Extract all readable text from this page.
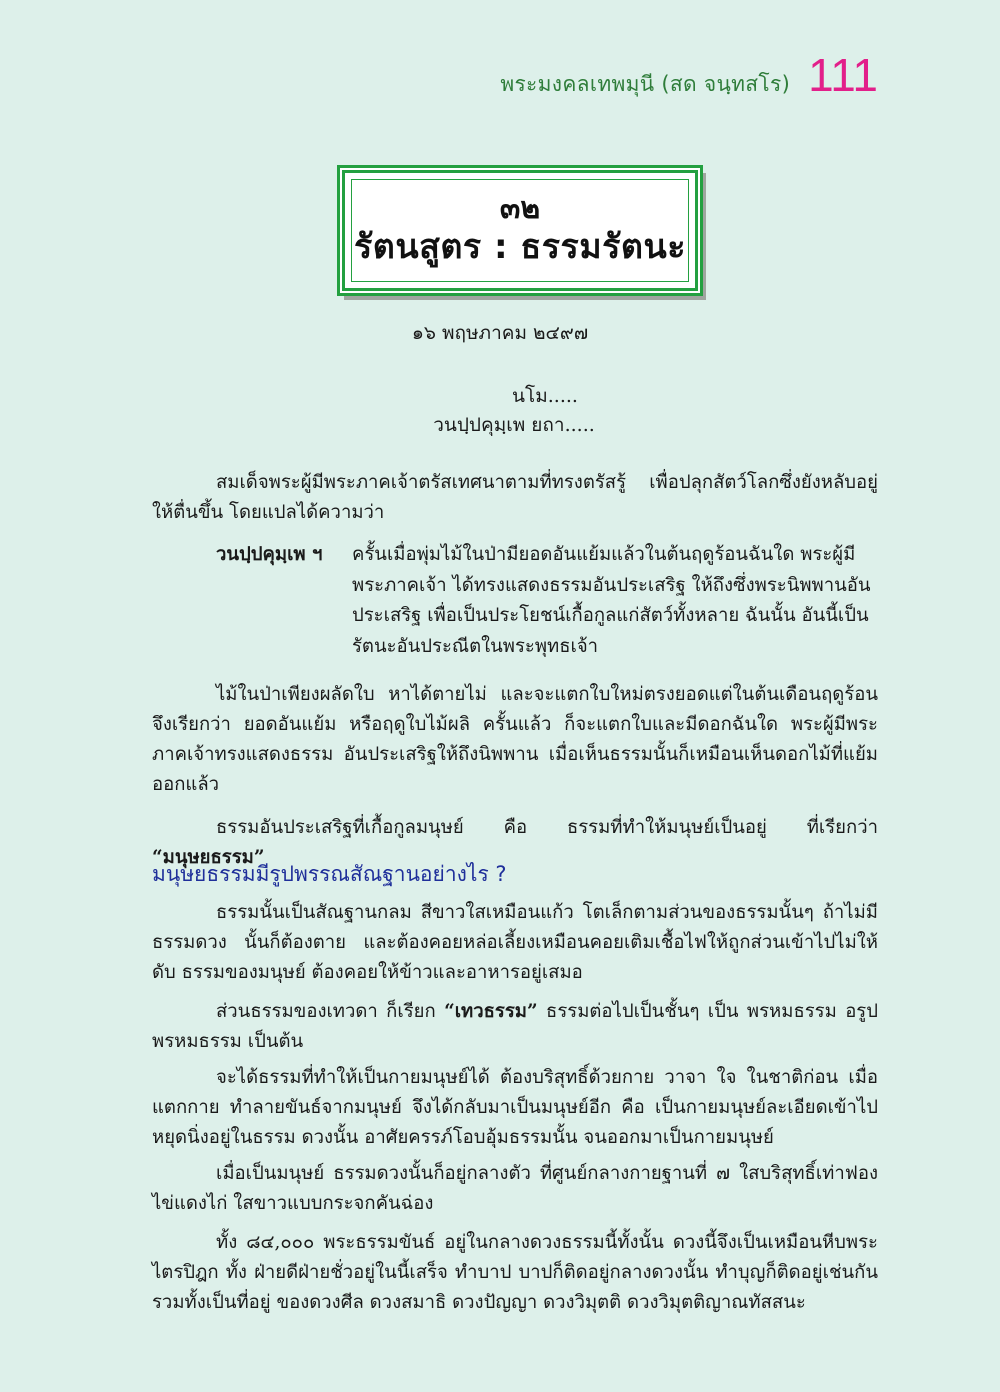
พระมงคลเทพมุนี (สด จนฺทสโร) 111
๓๒
รัตนสูตร : ธรรมรัตนะ
๑๖ พฤษภาคม ๒๔๙๗
นโม.....
วนปฺปคุมฺเพ ยถา.....

สมเด็จพระผู้มีพระภาคเจ้าตรัสเทศนาตามที่ทรงตรัสรู้ เพื่อปลุกสัตว์โลกซึ่งยังหลับอยู่ให้ตื่นขึ้น โดยแปลได้ความว่า

วนปฺปคุมฺเพ ฯ	ครั้นเมื่อพุ่มไม้ในป่ามียอดอันแย้มแล้วในต้นฤดูร้อนฉันใด พระผู้มีพระภาคเจ้า ได้ทรงแสดงธรรมอันประเสริฐ ให้ถึงซึ่งพระนิพพานอันประเสริฐ เพื่อเป็นประโยชน์เกื้อกูลแก่สัตว์ทั้งหลาย ฉันนั้น อันนี้เป็นรัตนะอันประณีตในพระพุทธเจ้า

ไม้ในป่าเพียงผลัดใบ หาได้ตายไม่ และจะแตกใบใหม่ตรงยอดแต่ในต้นเดือนฤดูร้อน จึงเรียกว่า ยอดอันแย้ม หรือฤดูใบไม้ผลิ ครั้นแล้ว ก็จะแตกใบและมีดอกฉันใด พระผู้มีพระภาคเจ้าทรงแสดงธรรม อันประเสริฐให้ถึงนิพพาน เมื่อเห็นธรรมนั้นก็เหมือนเห็นดอกไม้ที่แย้มออกแล้ว

ธรรมอันประเสริฐที่เกื้อกูลมนุษย์ คือ ธรรมที่ทำให้มนุษย์เป็นอยู่ ที่เรียกว่า “มนุษยธรรม”

มนุษยธรรมมีรูปพรรณสัณฐานอย่างไร ?

ธรรมนั้นเป็นสัณฐานกลม สีขาวใสเหมือนแก้ว โตเล็กตามส่วนของธรรมนั้นๆ ถ้าไม่มีธรรมดวง นั้นก็ต้องตาย และต้องคอยหล่อเลี้ยงเหมือนคอยเติมเชื้อไฟให้ถูกส่วนเข้าไปไม่ให้ดับ ธรรมของมนุษย์ ต้องคอยให้ข้าวและอาหารอยู่เสมอ

ส่วนธรรมของเทวดา ก็เรียก “เทวธรรม” ธรรมต่อไปเป็นชั้นๆ เป็น พรหมธรรม อรูปพรหมธรรม เป็นต้น

จะได้ธรรมที่ทำให้เป็นกายมนุษย์ได้ ต้องบริสุทธิ์ด้วยกาย วาจา ใจ ในชาติก่อน เมื่อแตกกาย ทำลายขันธ์จากมนุษย์ จึงได้กลับมาเป็นมนุษย์อีก คือ เป็นกายมนุษย์ละเอียดเข้าไปหยุดนิ่งอยู่ในธรรม ดวงนั้น อาศัยครรภ์โอบอุ้มธรรมนั้น จนออกมาเป็นกายมนุษย์

เมื่อเป็นมนุษย์ ธรรมดวงนั้นก็อยู่กลางตัว ที่ศูนย์กลางกายฐานที่ ๗ ใสบริสุทธิ์เท่าฟองไข่แดงไก่ ใสขาวแบบกระจกคันฉ่อง

ทั้ง ๘๔,๐๐๐ พระธรรมขันธ์ อยู่ในกลางดวงธรรมนี้ทั้งนั้น ดวงนี้จึงเป็นเหมือนหีบพระไตรปิฎก ทั้ง ฝ่ายดีฝ่ายชั่วอยู่ในนี้เสร็จ ทำบาป บาปก็ติดอยู่กลางดวงนั้น ทำบุญก็ติดอยู่เช่นกัน รวมทั้งเป็นที่อยู่ ของดวงศีล ดวงสมาธิ ดวงปัญญา ดวงวิมุตติ ดวงวิมุตติญาณทัสสนะ
